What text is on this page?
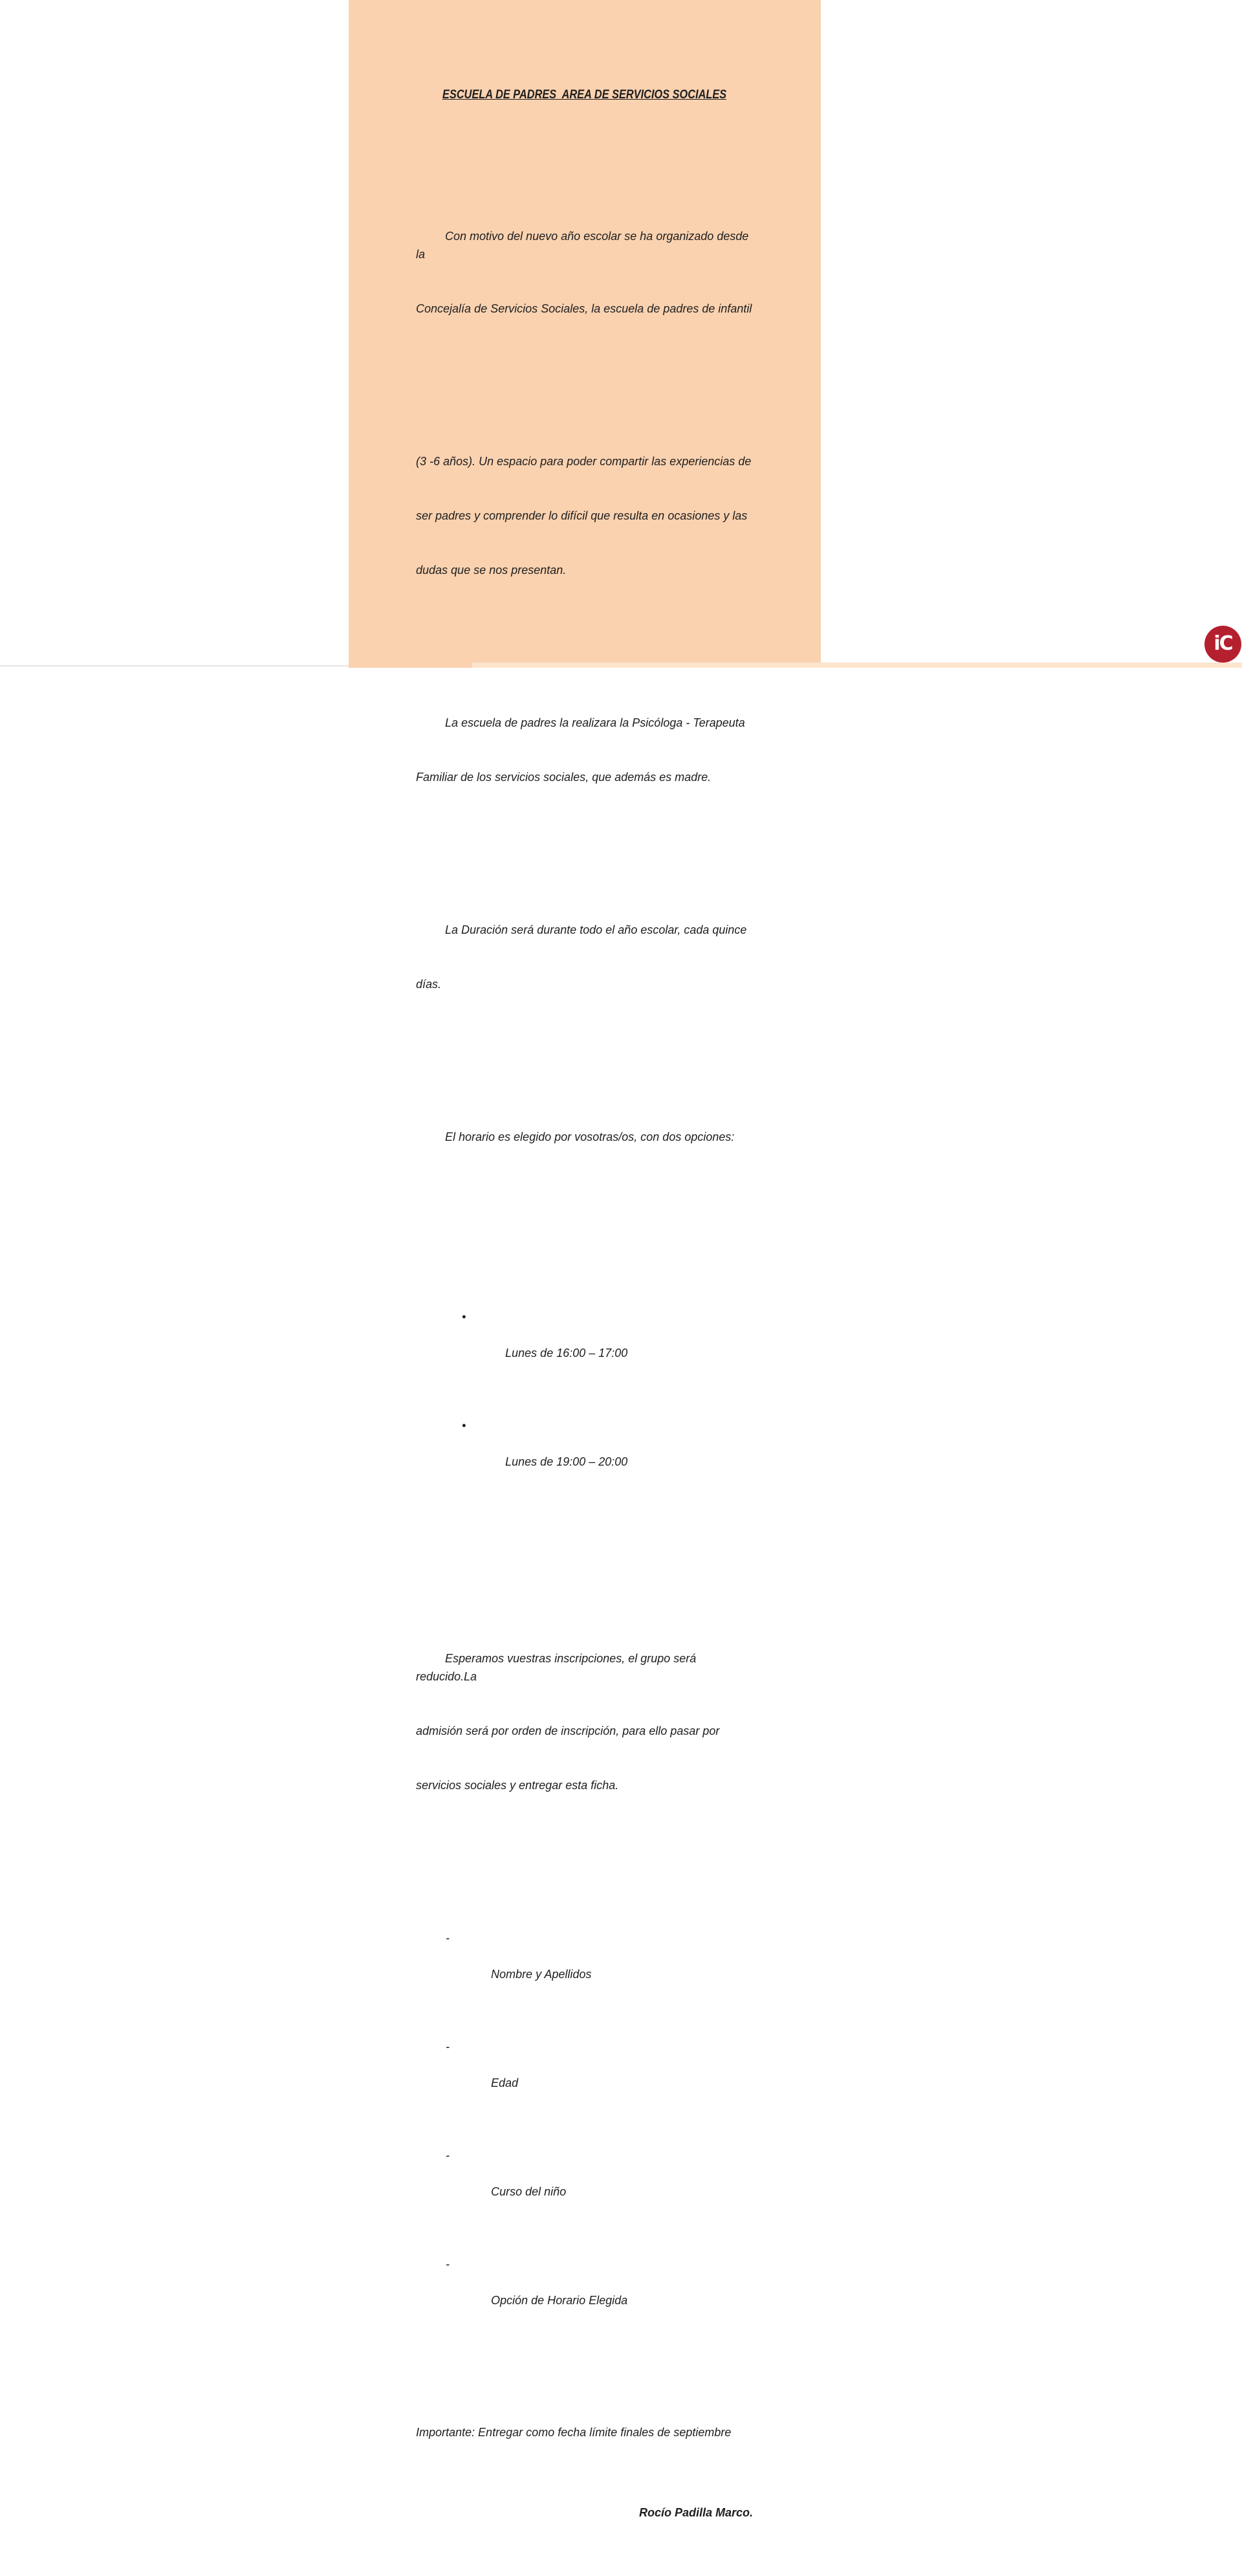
ESCUELA DE PADRES  AREA DE SERVICIOS SOCIALES

Con motivo del nuevo año escolar se ha organizado desde la

Concejalía de Servicios Sociales, la escuela de padres de infantil

(3 -6 años). Un espacio para poder compartir las experiencias de

ser padres y comprender lo difícil que resulta en ocasiones y las

dudas que se nos presentan.

La escuela de padres la realizara la Psicóloga - Terapeuta

Familiar de los servicios sociales, que además es madre.

La Duración será durante todo el año escolar, cada quince

días.

El horario es elegido por vosotras/os, con dos opciones:

•

Lunes de 16:00 – 17:00

•

Lunes de 19:00 – 20:00

Esperamos vuestras inscripciones, el grupo será reducido.La

admisión será por orden de inscripción, para ello pasar por

servicios sociales y entregar esta ficha.

-

Nombre y Apellidos

-

Edad

-

Curso del niño

-

Opción de Horario Elegida

Importante: Entregar como fecha límite finales de septiembre

Rocío Padilla Marco.

iC
